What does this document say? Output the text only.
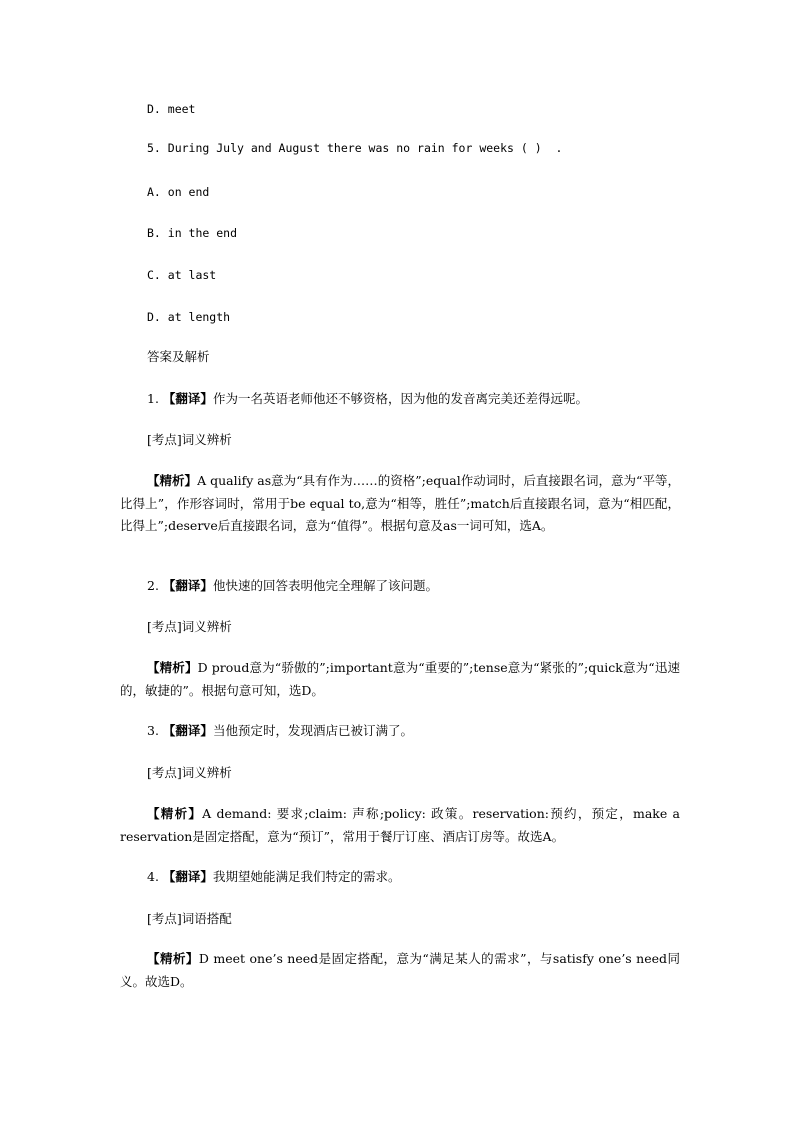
D. meet

5. During July and August there was no rain for weeks ( )  .

A. on end

B. in the end

C. at last

D. at length

答案及解析

1. 【翻译】作为一名英语老师他还不够资格，因为他的发音离完美还差得远呢。

[考点]词义辨析

【精析】A qualify as意为“具有作为……的资格”;equal作动词时，后直接跟名词，意为“平等，比得上”，作形容词时，常用于be equal to,意为“相等，胜任”;match后直接跟名词，意为“相匹配，比得上”;deserve后直接跟名词，意为“值得”。根据句意及as一词可知，选A。

2. 【翻译】他快速的回答表明他完全理解了该问题。

[考点]词义辨析

【精析】D proud意为“骄傲的”;important意为“重要的”;tense意为“紧张的”;quick意为“迅速的，敏捷的”。根据句意可知，选D。

3. 【翻译】当他预定时，发现酒店已被订满了。

[考点]词义辨析

【精析】A demand: 要求;claim: 声称;policy: 政策。reservation:预约，预定，make a reservation是固定搭配，意为“预订”，常用于餐厅订座、酒店订房等。故选A。

4. 【翻译】我期望她能满足我们特定的需求。

[考点]词语搭配

【精析】D meet one’s need是固定搭配，意为“满足某人的需求”，与satisfy one’s need同义。故选D。
